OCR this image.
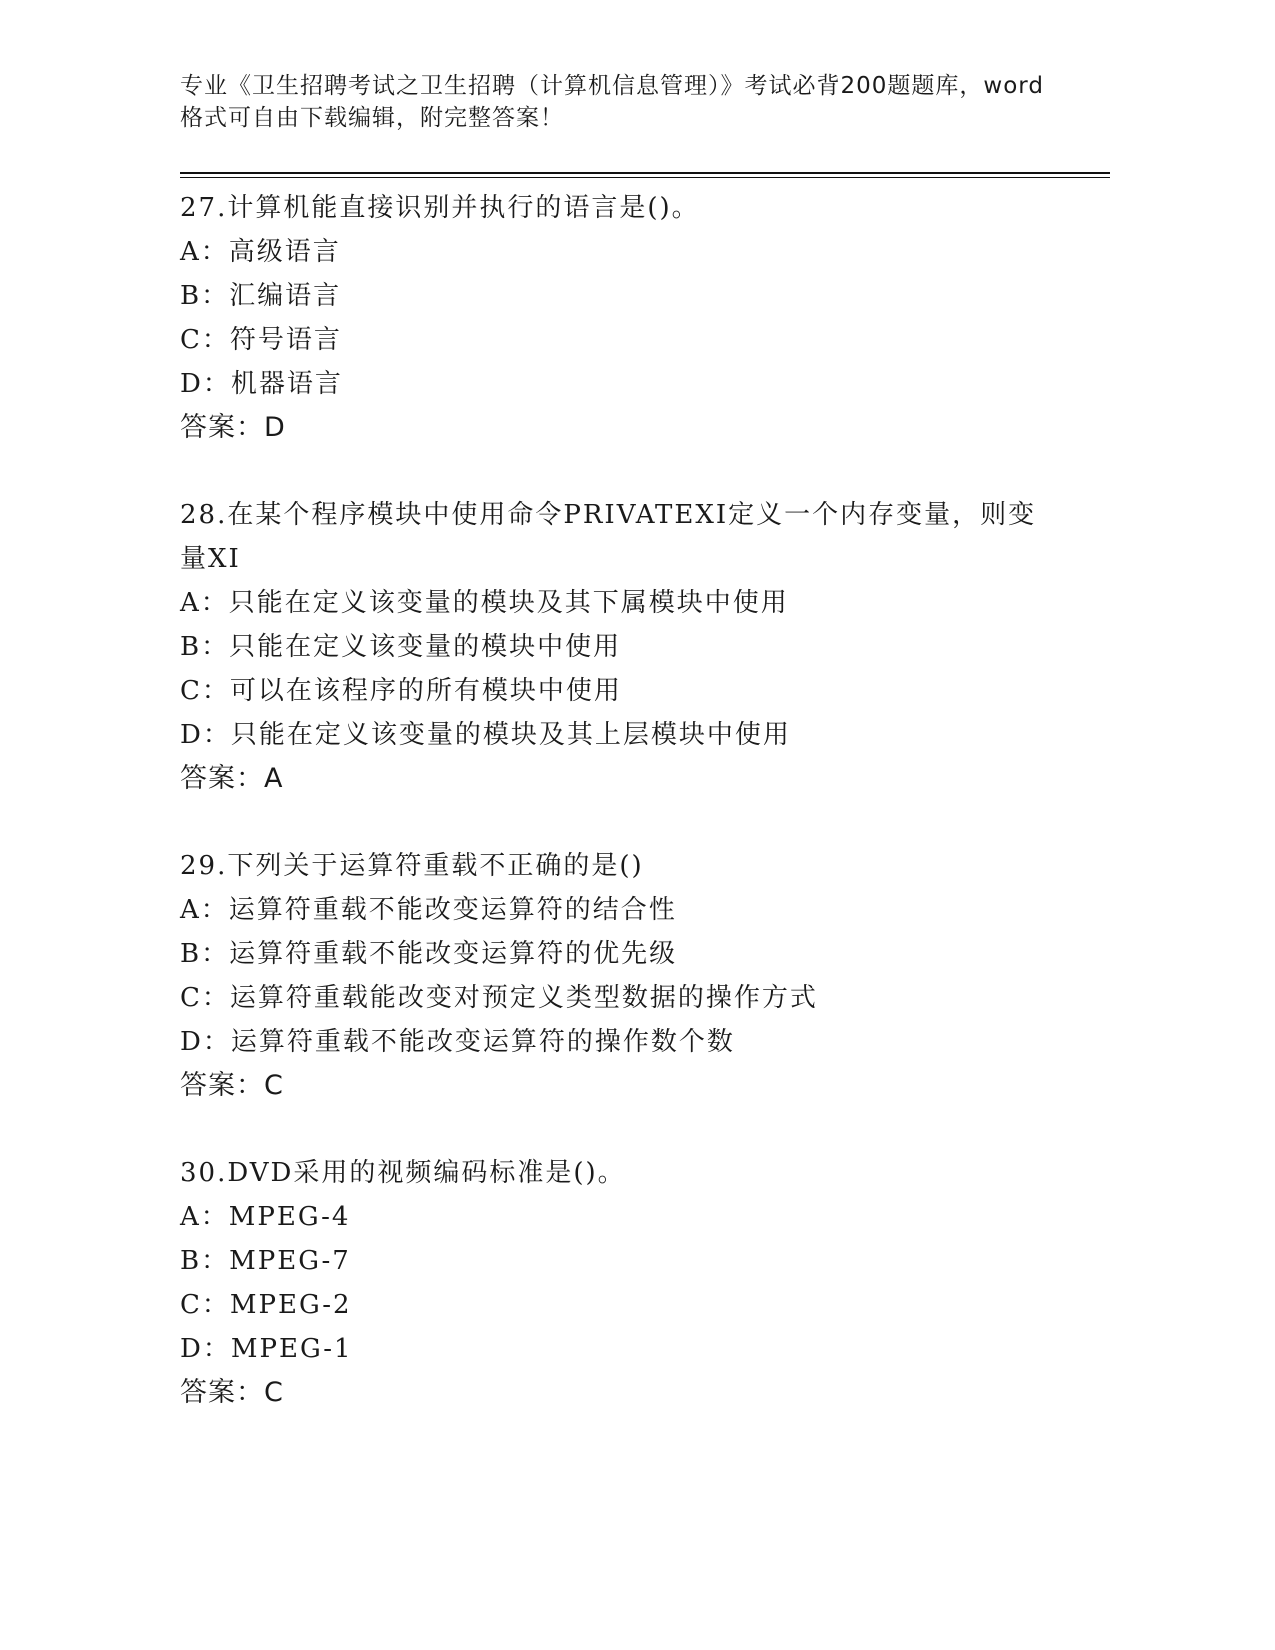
专业《卫生招聘考试之卫生招聘（计算机信息管理）》考试必背200题题库，word格式可自由下载编辑，附完整答案！

27.计算机能直接识别并执行的语言是()。

A：高级语言

B：汇编语言

C：符号语言

D：机器语言

答案：D

28.在某个程序模块中使用命令PRIVATEXI定义一个内存变量，则变量XI

A：只能在定义该变量的模块及其下属模块中使用

B：只能在定义该变量的模块中使用

C：可以在该程序的所有模块中使用

D：只能在定义该变量的模块及其上层模块中使用

答案：A

29.下列关于运算符重载不正确的是()

A：运算符重载不能改变运算符的结合性

B：运算符重载不能改变运算符的优先级

C：运算符重载能改变对预定义类型数据的操作方式

D：运算符重载不能改变运算符的操作数个数

答案：C

30.DVD采用的视频编码标准是()。

A：MPEG-4

B：MPEG-7

C：MPEG-2

D：MPEG-1

答案：C
